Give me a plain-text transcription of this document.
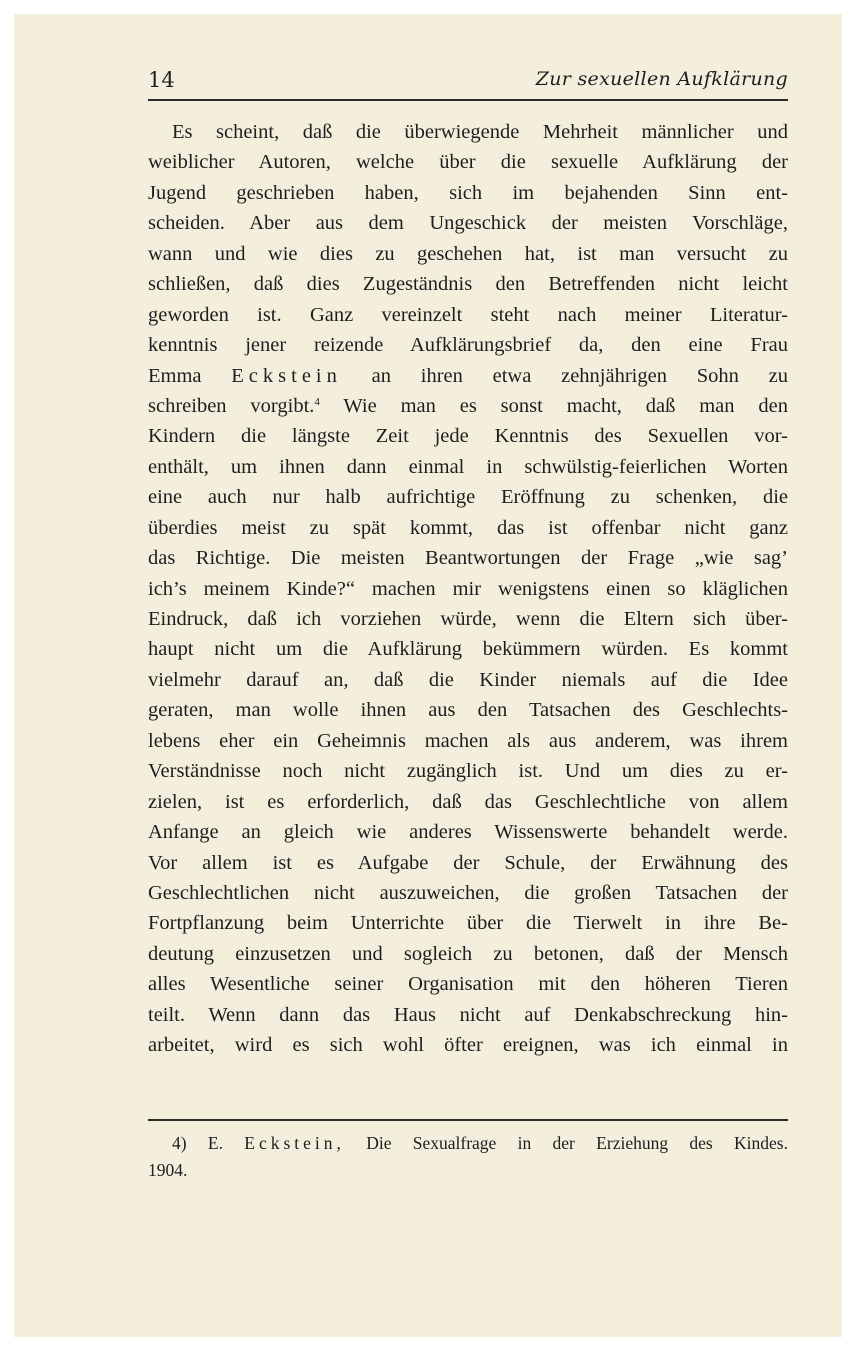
14	Zur sexuellen Aufklärung
Es scheint, daß die überwiegende Mehrheit männlicher und
weiblicher Autoren, welche über die sexuelle Aufklärung der
Jugend geschrieben haben, sich im bejahenden Sinn ent-
scheiden. Aber aus dem Ungeschick der meisten Vorschläge,
wann und wie dies zu geschehen hat, ist man versucht zu
schließen, daß dies Zugeständnis den Betreffenden nicht leicht
geworden ist. Ganz vereinzelt steht nach meiner Literatur-
kenntnis jener reizende Aufklärungsbrief da, den eine Frau
Emma Eckstein an ihren etwa zehnjährigen Sohn zu
schreiben vorgibt.$^4$ Wie man es sonst macht, daß man den
Kindern die längste Zeit jede Kenntnis des Sexuellen vor-
enthält, um ihnen dann einmal in schwülstig-feierlichen Worten
eine auch nur halb aufrichtige Eröffnung zu schenken, die
überdies meist zu spät kommt, das ist offenbar nicht ganz
das Richtige. Die meisten Beantwortungen der Frage „wie sag’
ich’s meinem Kinde?“ machen mir wenigstens einen so kläglichen
Eindruck, daß ich vorziehen würde, wenn die Eltern sich über-
haupt nicht um die Aufklärung bekümmern würden. Es kommt
vielmehr darauf an, daß die Kinder niemals auf die Idee
geraten, man wolle ihnen aus den Tatsachen des Geschlechts-
lebens eher ein Geheimnis machen als aus anderem, was ihrem
Verständnisse noch nicht zugänglich ist. Und um dies zu er-
zielen, ist es erforderlich, daß das Geschlechtliche von allem
Anfange an gleich wie anderes Wissenswerte behandelt werde.
Vor allem ist es Aufgabe der Schule, der Erwähnung des
Geschlechtlichen nicht auszuweichen, die großen Tatsachen der
Fortpflanzung beim Unterrichte über die Tierwelt in ihre Be-
deutung einzusetzen und sogleich zu betonen, daß der Mensch
alles Wesentliche seiner Organisation mit den höheren Tieren
teilt. Wenn dann das Haus nicht auf Denkabschreckung hin-
arbeitet, wird es sich wohl öfter ereignen, was ich einmal in
4) E. Eckstein, Die Sexualfrage in der Erziehung des Kindes.
1904.
